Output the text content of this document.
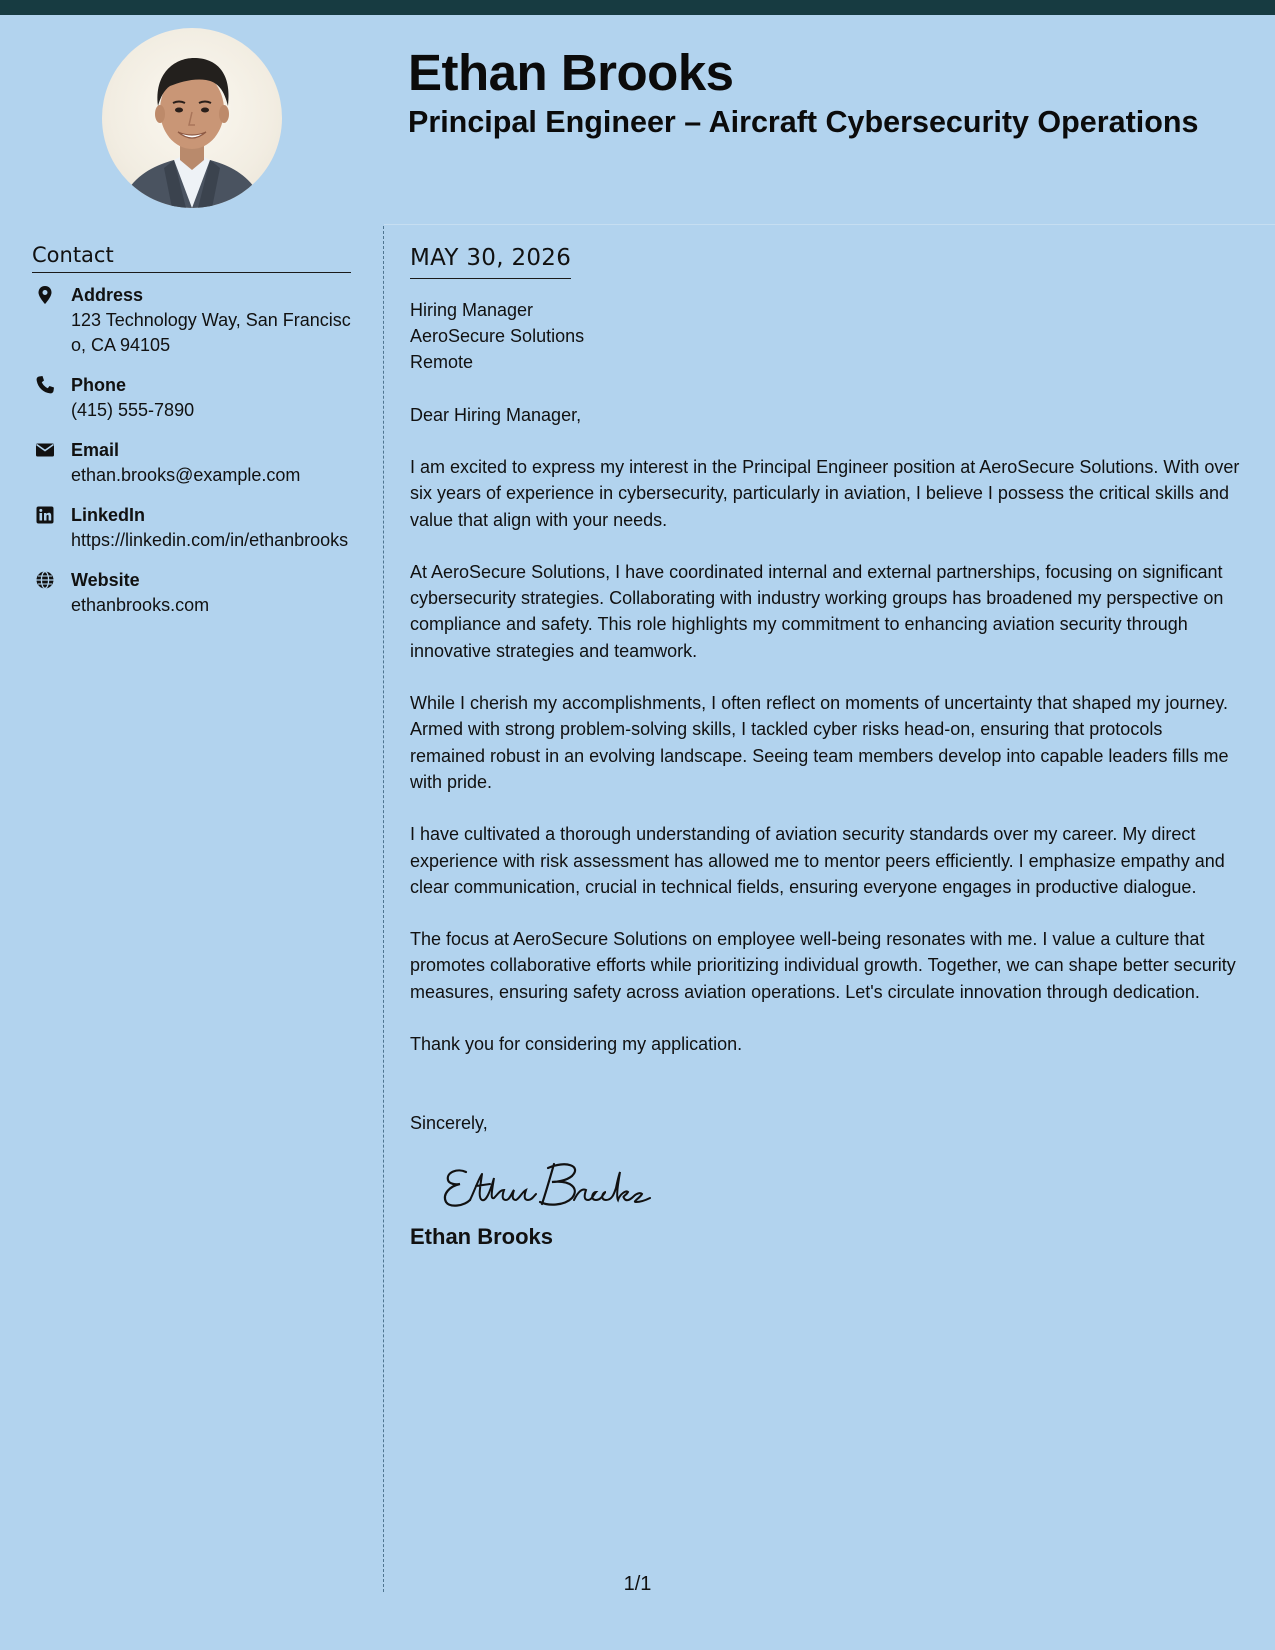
Ethan Brooks
Principal Engineer – Aircraft Cybersecurity Operations
Contact
Address
123 Technology Way, San Francisco, CA 94105
Phone
(415) 555-7890
Email
ethan.brooks@example.com
LinkedIn
https://linkedin.com/in/ethanbrooks
Website
ethanbrooks.com
MAY 30, 2026
Hiring Manager
AeroSecure Solutions
Remote
Dear Hiring Manager,
I am excited to express my interest in the Principal Engineer position at AeroSecure Solutions. With over six years of experience in cybersecurity, particularly in aviation, I believe I possess the critical skills and value that align with your needs.
At AeroSecure Solutions, I have coordinated internal and external partnerships, focusing on significant cybersecurity strategies. Collaborating with industry working groups has broadened my perspective on compliance and safety. This role highlights my commitment to enhancing aviation security through innovative strategies and teamwork.
While I cherish my accomplishments, I often reflect on moments of uncertainty that shaped my journey. Armed with strong problem-solving skills, I tackled cyber risks head-on, ensuring that protocols remained robust in an evolving landscape. Seeing team members develop into capable leaders fills me with pride.
I have cultivated a thorough understanding of aviation security standards over my career. My direct experience with risk assessment has allowed me to mentor peers efficiently. I emphasize empathy and clear communication, crucial in technical fields, ensuring everyone engages in productive dialogue.
The focus at AeroSecure Solutions on employee well-being resonates with me. I value a culture that promotes collaborative efforts while prioritizing individual growth. Together, we can shape better security measures, ensuring safety across aviation operations. Let's circulate innovation through dedication.
Thank you for considering my application.
Sincerely,
Ethan Brooks
1/1
